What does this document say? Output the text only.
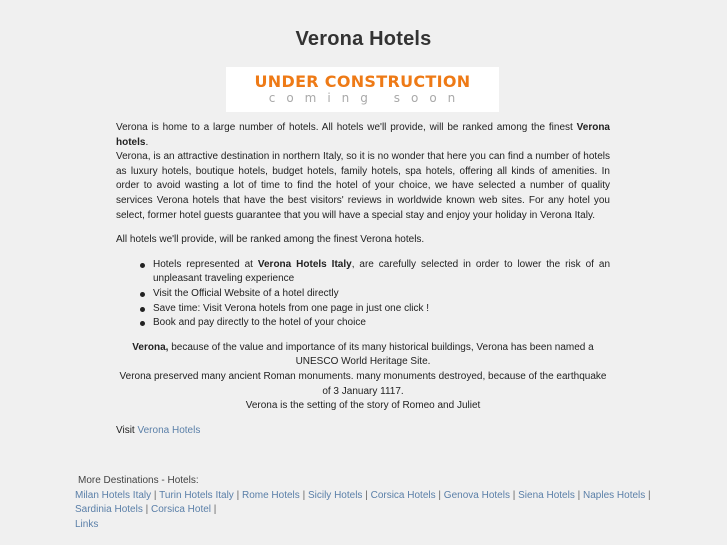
Verona Hotels
UNDER CONSTRUCTION
coming soon

Verona is home to a large number of hotels. All hotels we'll provide, will be ranked among the finest Verona hotels.

Verona, is an attractive destination in northern Italy, so it is no wonder that here you can find a number of hotels as luxury hotels, boutique hotels, budget hotels, family hotels, spa hotels, offering all kinds of amenities. In order to avoid wasting a lot of time to find the hotel of your choice, we have selected a number of quality services Verona hotels that have the best visitors' reviews in worldwide known web sites. For any hotel you select, former hotel guests guarantee that you will have a special stay and enjoy your holiday in Verona Italy.

All hotels we'll provide, will be ranked among the finest Verona hotels.

Hotels represented at Verona Hotels Italy, are carefully selected in order to lower the risk of an unpleasant traveling experience
Visit the Official Website of a hotel directly
Save time: Visit Verona hotels from one page in just one click !
Book and pay directly to the hotel of your choice

Verona, because of the value and importance of its many historical buildings, Verona has been named a UNESCO World Heritage Site.

Verona preserved many ancient Roman monuments. many monuments destroyed, because of the earthquake of 3 January 1117.

Verona is the setting of the story of Romeo and Juliet

Visit Verona Hotels

More Destinations - Hotels:
Milan Hotels Italy | Turin Hotels Italy | Rome Hotels | Sicily Hotels | Corsica Hotels | Genova Hotels | Siena Hotels | Naples Hotels |
Sardinia Hotels | Corsica Hotel |
Links
